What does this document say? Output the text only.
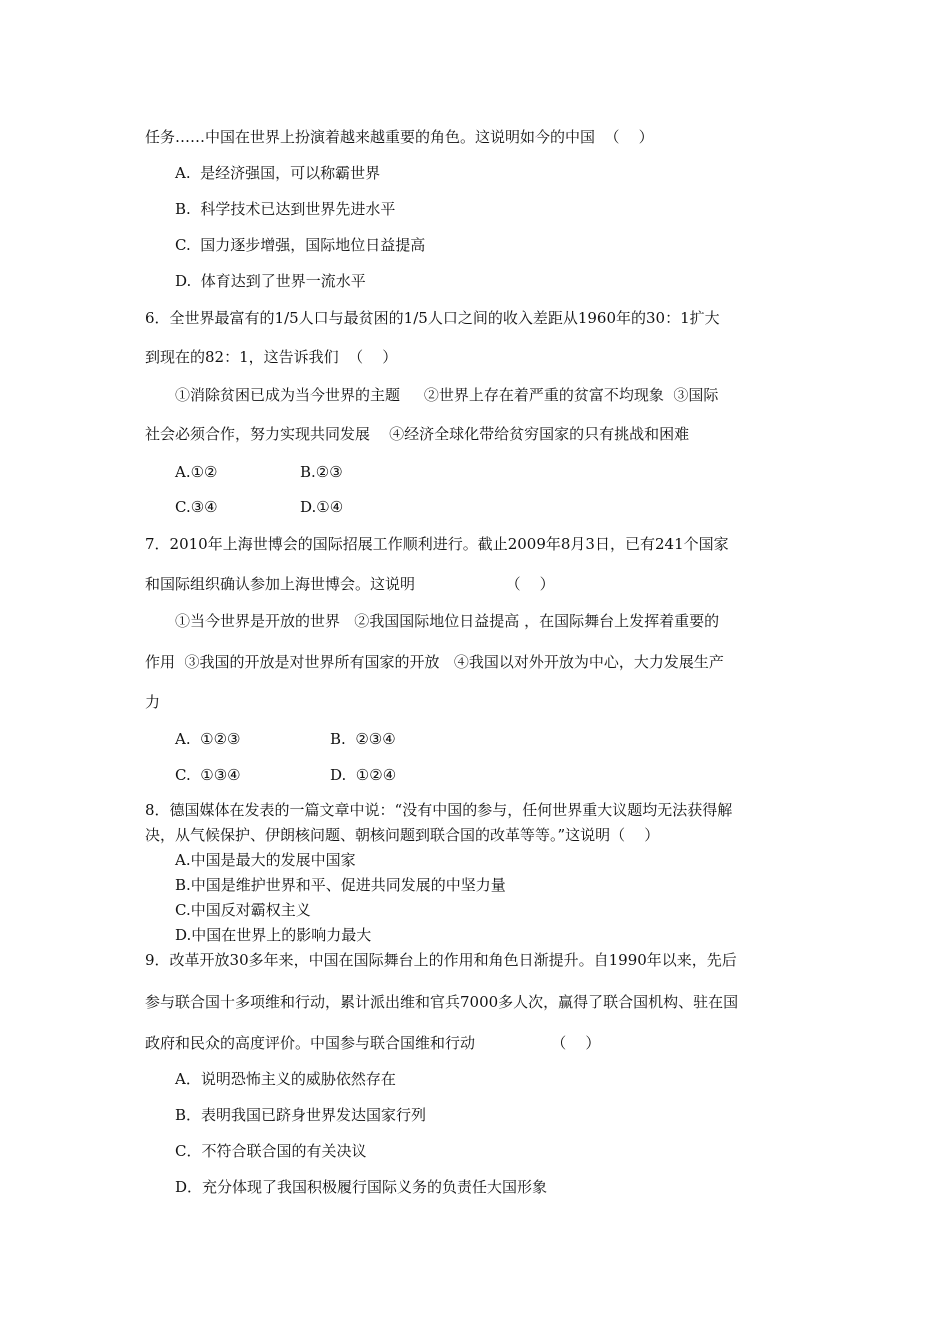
任务……中国在世界上扮演着越来越重要的角色。这说明如今的中国  （    ）
A.  是经济强国，可以称霸世界
B.  科学技术已达到世界先进水平
C.  国力逐步增强，国际地位日益提高
D.  体育达到了世界一流水平
6．全世界最富有的1/5人口与最贫困的1/5人口之间的收入差距从1960年的30：1扩大
到现在的82：1，这告诉我们  （    ）
①消除贫困已成为当今世界的主题     ②世界上存在着严重的贫富不均现象  ③国际
社会必须合作，努力实现共同发展    ④经济全球化带给贫穷国家的只有挑战和困难
A.①②	B.②③
C.③④	D.①④
7．2010年上海世博会的国际招展工作顺利进行。截止2009年8月3日，已有241个国家
和国际组织确认参加上海世博会。这说明                   （    ）
①当今世界是开放的世界   ②我国国际地位日益提高 ，在国际舞台上发挥着重要的
作用  ③我国的开放是对世界所有国家的开放   ④我国以对外开放为中心，大力发展生产
力
A.  ①②③	B.  ②③④
C.  ①③④	D.  ①②④
8．德国媒体在发表的一篇文章中说：“没有中国的参与，任何世界重大议题均无法获得解
决，从气候保护、伊朗核问题、朝核问题到联合国的改革等等。”这说明（    ）
A.中国是最大的发展中国家
B.中国是维护世界和平、促进共同发展的中坚力量
C.中国反对霸权主义
D.中国在世界上的影响力最大
9．改革开放30多年来，中国在国际舞台上的作用和角色日渐提升。自1990年以来，先后
参与联合国十多项维和行动，累计派出维和官兵7000多人次，赢得了联合国机构、驻在国
政府和民众的高度评价。中国参与联合国维和行动                （    ）
A．说明恐怖主义的威胁依然存在
B．表明我国已跻身世界发达国家行列
C．不符合联合国的有关决议
D．充分体现了我国积极履行国际义务的负责任大国形象
